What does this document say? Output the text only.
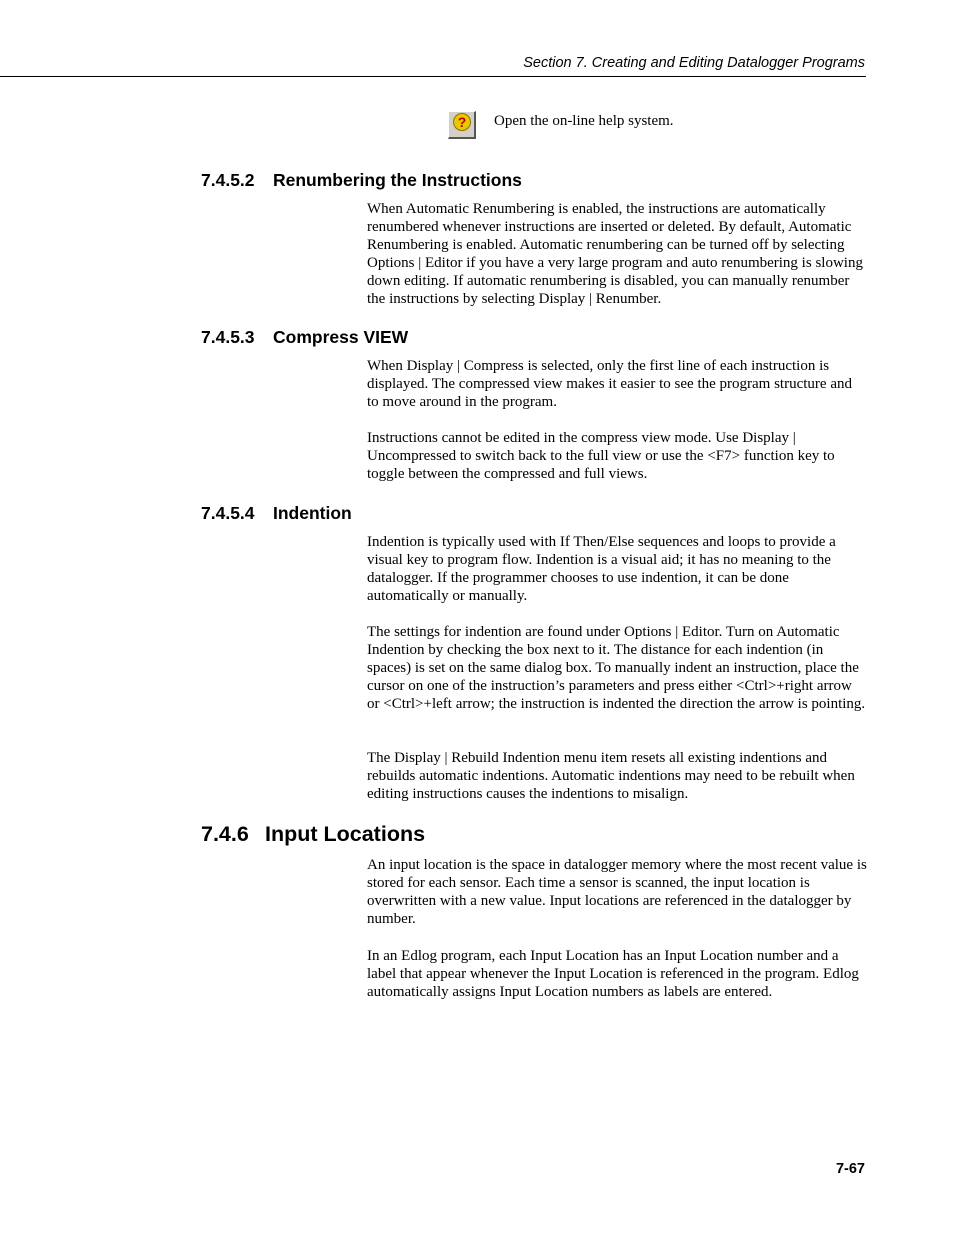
Section 7. Creating and Editing Datalogger Programs
? Open the on-line help system.
7.4.5.2 Renumbering the Instructions

When Automatic Renumbering is enabled, the instructions are automatically renumbered whenever instructions are inserted or deleted. By default, Automatic Renumbering is enabled. Automatic renumbering can be turned off by selecting Options | Editor if you have a very large program and auto renumbering is slowing down editing. If automatic renumbering is disabled, you can manually renumber the instructions by selecting Display | Renumber.

7.4.5.3 Compress VIEW

When Display | Compress is selected, only the first line of each instruction is displayed. The compressed view makes it easier to see the program structure and to move around in the program.

Instructions cannot be edited in the compress view mode. Use Display | Uncompressed to switch back to the full view or use the <F7> function key to toggle between the compressed and full views.

7.4.5.4 Indention

Indention is typically used with If Then/Else sequences and loops to provide a visual key to program flow. Indention is a visual aid; it has no meaning to the datalogger. If the programmer chooses to use indention, it can be done automatically or manually.

The settings for indention are found under Options | Editor. Turn on Automatic Indention by checking the box next to it. The distance for each indention (in spaces) is set on the same dialog box. To manually indent an instruction, place the cursor on one of the instruction’s parameters and press either <Ctrl>+right arrow or <Ctrl>+left arrow; the instruction is indented the direction the arrow is pointing.

The Display | Rebuild Indention menu item resets all existing indentions and rebuilds automatic indentions. Automatic indentions may need to be rebuilt when editing instructions causes the indentions to misalign.

7.4.6 Input Locations

An input location is the space in datalogger memory where the most recent value is stored for each sensor. Each time a sensor is scanned, the input location is overwritten with a new value. Input locations are referenced in the datalogger by number.

In an Edlog program, each Input Location has an Input Location number and a label that appear whenever the Input Location is referenced in the program. Edlog automatically assigns Input Location numbers as labels are entered.

7-67
